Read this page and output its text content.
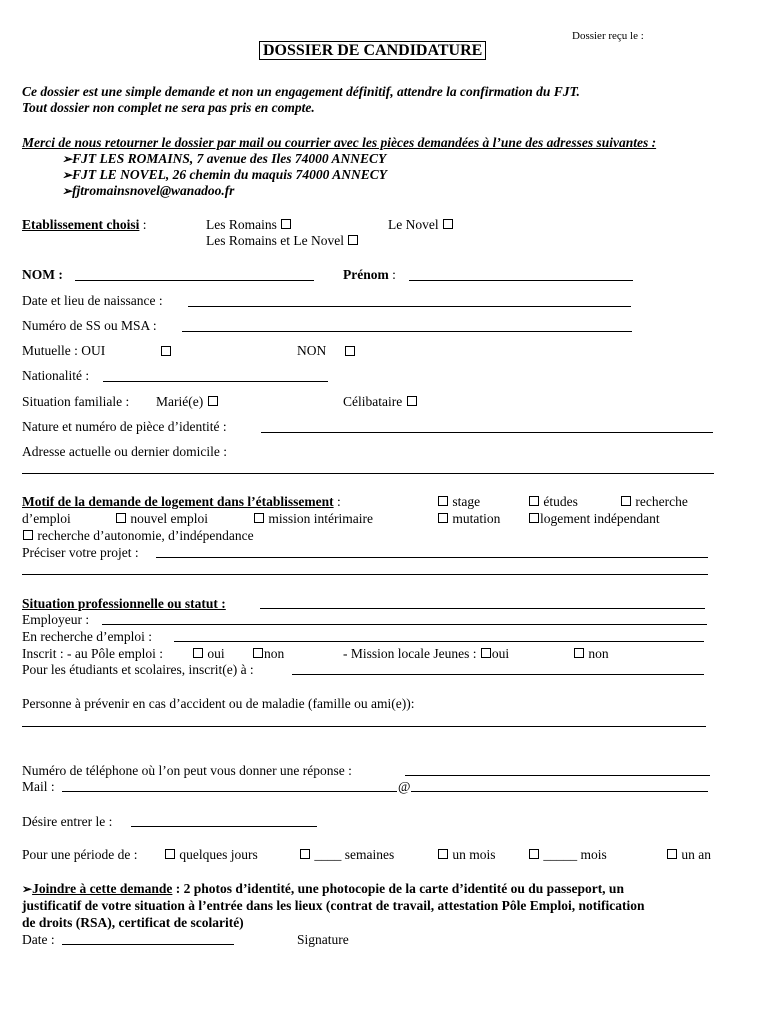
Dossier reçu le :
DOSSIER DE CANDIDATURE
Ce dossier est une simple demande et non un engagement définitif, attendre la confirmation du FJT.
Tout dossier non complet ne sera pas pris en compte.
Merci de nous retourner le dossier par mail ou courrier avec les pièces demandées à l’une des adresses suivantes :
➢FJT LES ROMAINS, 7 avenue des Iles 74000 ANNECY
➢FJT LE NOVEL, 26 chemin du maquis 74000 ANNECY
➢fjtromainsnovel@wanadoo.fr
Etablissement choisi :	Les Romains	Le Novel
Les Romains et Le Novel
NOM :	Prénom :
Date et lieu de naissance :
Numéro de SS ou MSA :
Mutuelle : OUI	NON
Nationalité :
Situation familiale : Marié(e)	Célibataire
Nature et numéro de pièce d’identité :
Adresse actuelle ou dernier domicile :
Motif de la demande de logement dans l’établissement :	stage	études	recherche
d’emploi	nouvel emploi	mission intérimaire	mutation	logement indépendant
recherche d’autonomie, d’indépendance
Préciser votre projet :
Situation professionnelle ou statut :
Employeur :
En recherche d’emploi :
Inscrit : - au Pôle emploi :	oui	non	- Mission locale Jeunes : oui	non
Pour les étudiants et scolaires, inscrit(e) à :
Personne à prévenir en cas d’accident ou de maladie (famille ou ami(e)):
Numéro de téléphone où l’on peut vous donner une réponse :
Mail :	@
Désire entrer le :
Pour une période de :	quelques jours	____ semaines	un mois	_____ mois	un an
➢Joindre à cette demande : 2 photos d’identité, une photocopie de la carte d’identité ou du passeport, un
justificatif de votre situation à l’entrée dans les lieux (contrat de travail, attestation Pôle Emploi, notification
de droits (RSA), certificat de scolarité)
Date :	Signature
